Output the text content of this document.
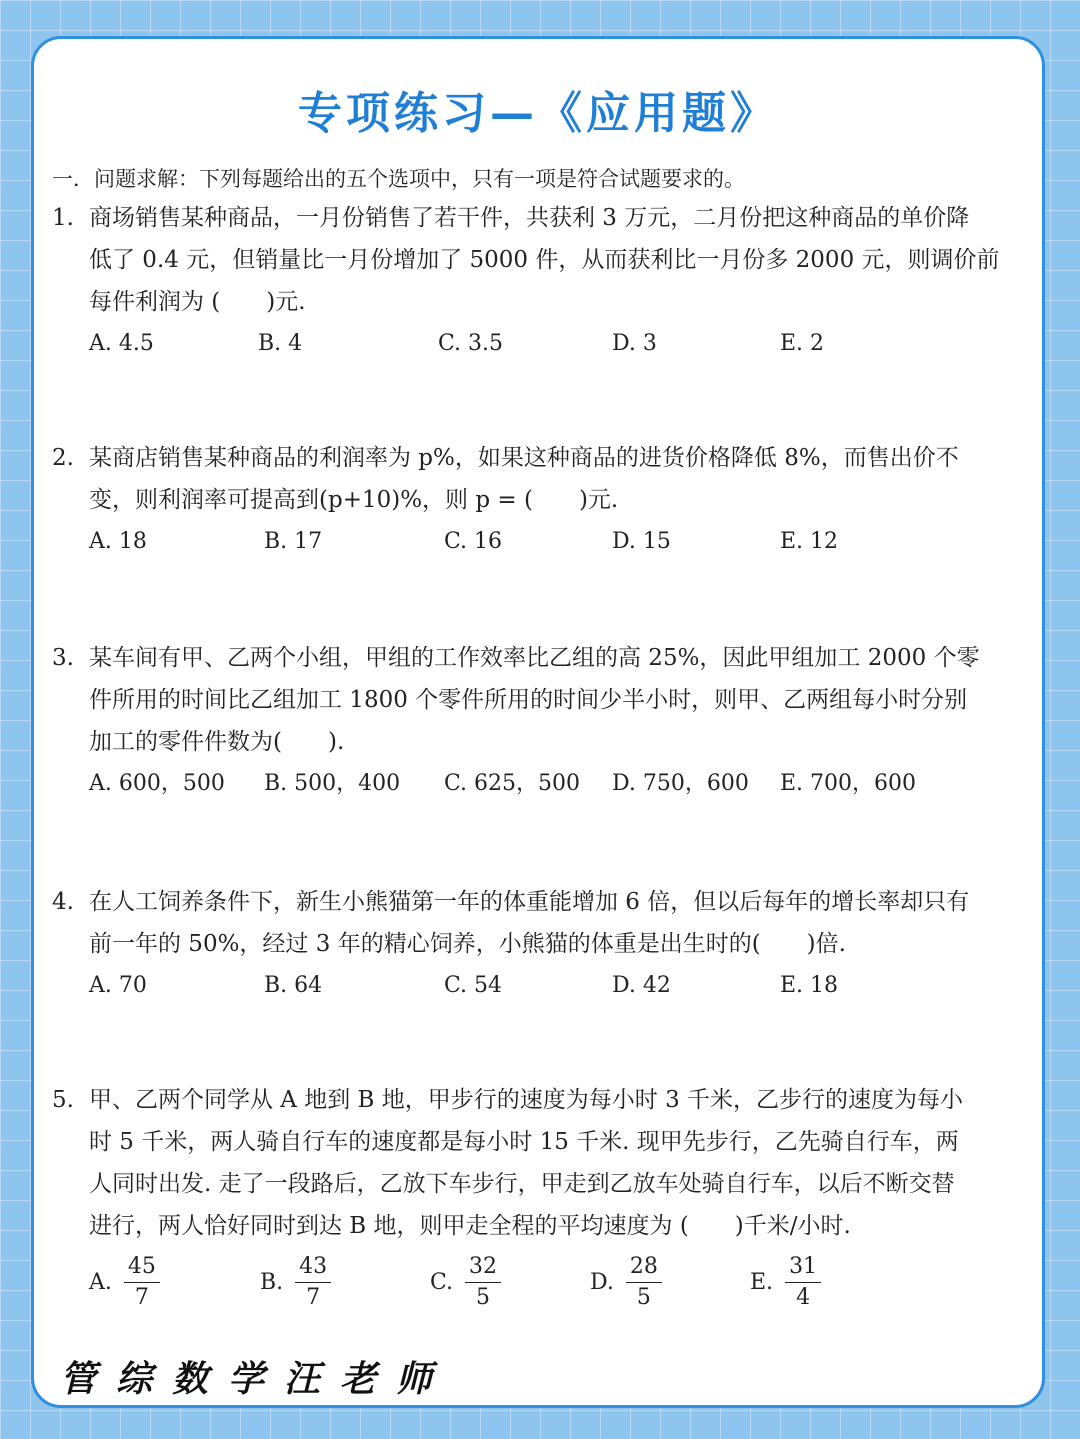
专项练习—《应用题》
一．问题求解：下列每题给出的五个选项中，只有一项是符合试题要求的。
1. 商场销售某种商品，一月份销售了若干件，共获利 3 万元，二月份把这种商品的单价降
低了 0.4 元，但销量比一月份增加了 5000 件，从而获利比一月份多 2000 元，则调价前
每件利润为 (　　)元.
A. 4.5	B. 4	C. 3.5	D. 3	E. 2
2. 某商店销售某种商品的利润率为 p%，如果这种商品的进货价格降低 8%，而售出价不
变，则利润率可提高到(p+10)%，则 p = (　　)元.
A. 18	B. 17	C. 16	D. 15	E. 12
3. 某车间有甲、乙两个小组，甲组的工作效率比乙组的高 25%，因此甲组加工 2000 个零
件所用的时间比乙组加工 1800 个零件所用的时间少半小时，则甲、乙两组每小时分别
加工的零件件数为(　　).
A. 600，500 B. 500，400 C. 625，500 D. 750，600 E. 700，600
4. 在人工饲养条件下，新生小熊猫第一年的体重能增加 6 倍，但以后每年的增长率却只有
前一年的 50%，经过 3 年的精心饲养，小熊猫的体重是出生时的(　　)倍.
A. 70	B. 64	C. 54	D. 42	E. 18
5. 甲、乙两个同学从 A 地到 B 地，甲步行的速度为每小时 3 千米，乙步行的速度为每小
时 5 千米，两人骑自行车的速度都是每小时 15 千米. 现甲先步行，乙先骑自行车，两
人同时出发. 走了一段路后，乙放下车步行，甲走到乙放车处骑自行车，以后不断交替
进行，两人恰好同时到达 B 地，则甲走全程的平均速度为 (　　)千米/小时.
A. $\frac{45}{7}$	B. $\frac{43}{7}$	C. $\frac{32}{5}$	D. $\frac{28}{5}$	E. $\frac{31}{4}$
管综数学汪老师
